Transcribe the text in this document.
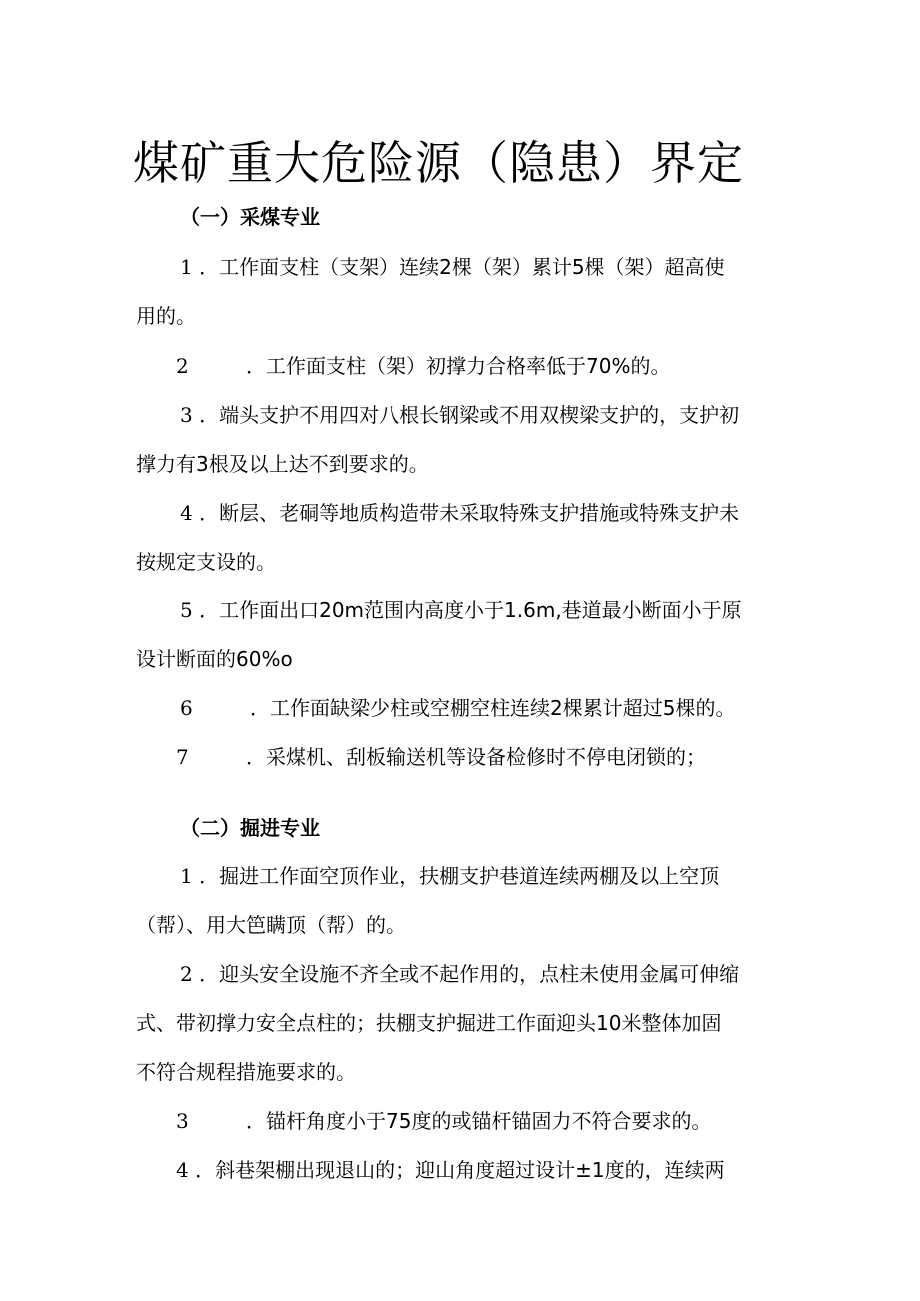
煤矿重大危险源（隐患）界定
（一）采煤专业

1 ．工作面支柱（支架）连续2棵（架）累计5棵（架）超高使

用的。

2	．工作面支柱（架）初撑力合格率低于70%的。

3 ．端头支护不用四对八根长钢梁或不用双楔梁支护的，支护初

撑力有3根及以上达不到要求的。

4 ．断层、老硐等地质构造带未采取特殊支护措施或特殊支护未

按规定支设的。

5 ．工作面出口20m范围内高度小于1.6m,巷道最小断面小于原

设计断面的60%o

6	．工作面缺梁少柱或空棚空柱连续2棵累计超过5棵的。

7	．采煤机、刮板输送机等设备检修时不停电闭锁的；

（二）掘进专业

1 ．掘进工作面空顶作业，扶棚支护巷道连续两棚及以上空顶

（帮）、用大笆瞒顶（帮）的。

2 ．迎头安全设施不齐全或不起作用的，点柱未使用金属可伸缩

式、带初撑力安全点柱的；扶棚支护掘进工作面迎头10米整体加固

不符合规程措施要求的。

3	．锚杆角度小于75度的或锚杆锚固力不符合要求的。

4 ．斜巷架棚出现退山的；迎山角度超过设计±1度的，连续两
